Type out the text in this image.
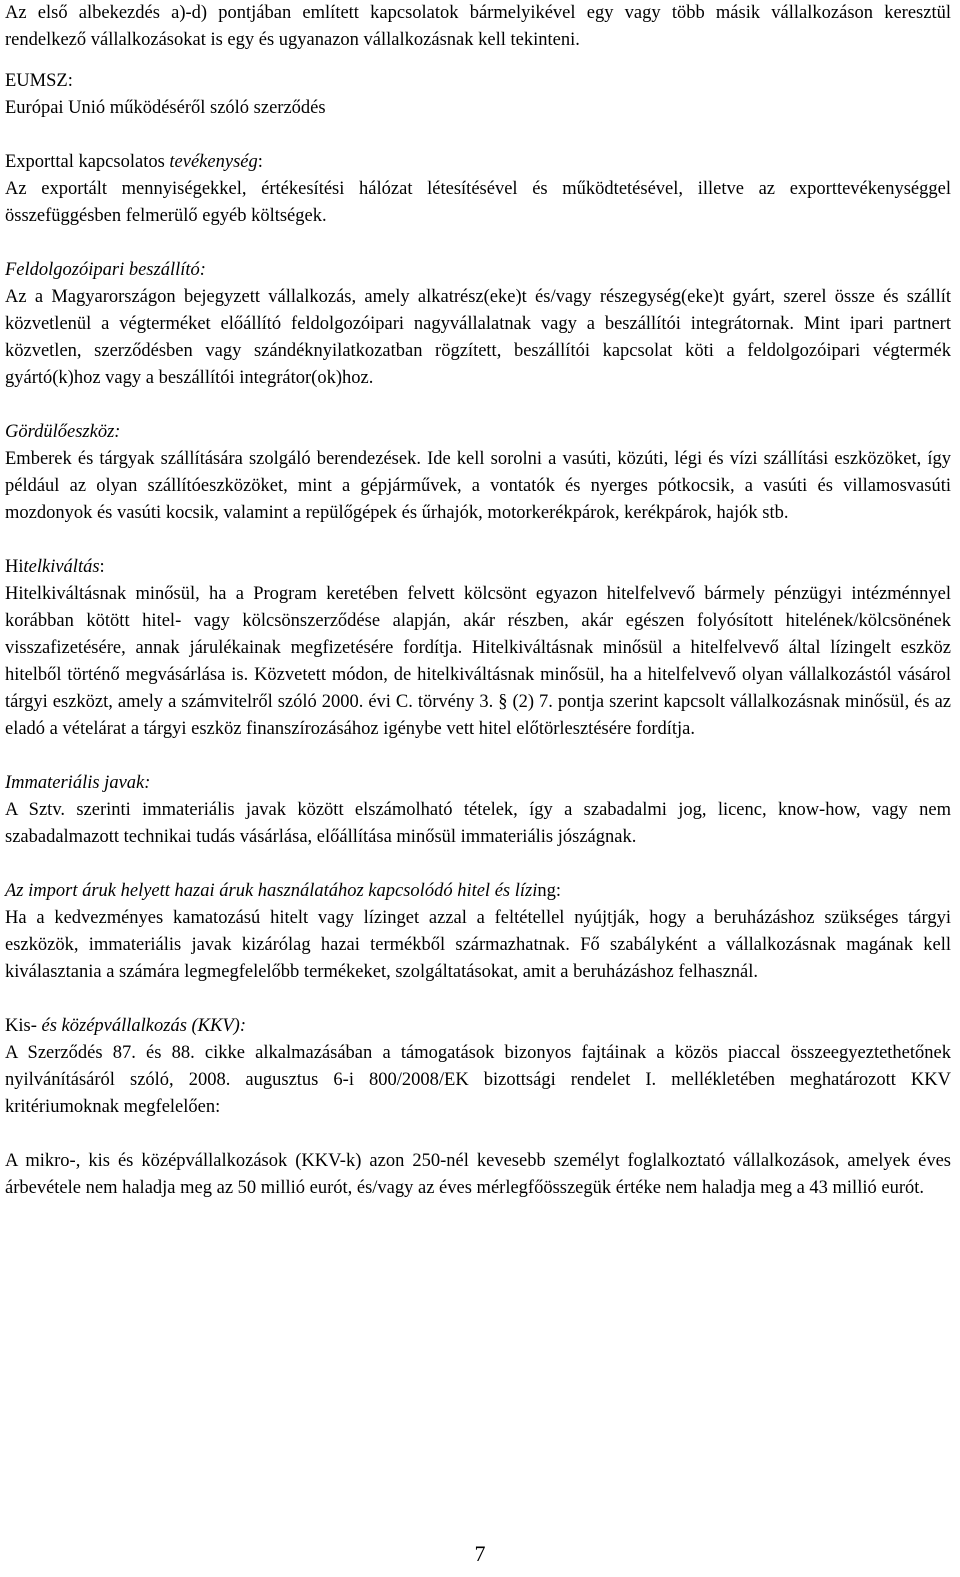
Az első albekezdés a)-d) pontjában említett kapcsolatok bármelyikével egy vagy több másik vállalkozáson keresztül rendelkező vállalkozásokat is egy és ugyanazon vállalkozásnak kell tekinteni.
EUMSZ:
Európai Unió működéséről szóló szerződés
Exporttal kapcsolatos tevékenység:
Az exportált mennyiségekkel, értékesítési hálózat létesítésével és működtetésével, illetve az exporttevékenységgel összefüggésben felmerülő egyéb költségek.
Feldolgozóipari beszállító:
Az a Magyarországon bejegyzett vállalkozás, amely alkatrész(eke)t és/vagy részegység(eke)t gyárt, szerel össze és szállít közvetlenül a végterméket előállító feldolgozóipari nagyvállalatnak vagy a beszállítói integrátornak. Mint ipari partnert közvetlen, szerződésben vagy szándéknyilatkozatban rögzített, beszállítói kapcsolat köti a feldolgozóipari végtermék gyártó(k)hoz vagy a beszállítói integrátor(ok)hoz.
Gördülőeszköz:
Emberek és tárgyak szállítására szolgáló berendezések. Ide kell sorolni a vasúti, közúti, légi és vízi szállítási eszközöket, így például az olyan szállítóeszközöket, mint a gépjárművek, a vontatók és nyerges pótkocsik, a vasúti és villamosvasúti mozdonyok és vasúti kocsik, valamint a repülőgépek és űrhajók, motorkerékpárok, kerékpárok, hajók stb.
Hitelkiváltás:
Hitelkiváltásnak minősül, ha a Program keretében felvett kölcsönt egyazon hitelfelvevő bármely pénzügyi intézménnyel korábban kötött hitel- vagy kölcsönszerződése alapján, akár részben, akár egészen folyósított hitelének/kölcsönének visszafizetésére, annak járulékainak megfizetésére fordítja. Hitelkiváltásnak minősül a hitelfelvevő által lízingelt eszköz hitelből történő megvásárlása is. Közvetett módon, de hitelkiváltásnak minősül, ha a hitelfelvevő olyan vállalkozástól vásárol tárgyi eszközt, amely a számvitelről szóló 2000. évi C. törvény 3. § (2) 7. pontja szerint kapcsolt vállalkozásnak minősül, és az eladó a vételárat a tárgyi eszköz finanszírozásához igénybe vett hitel előtörlesztésére fordítja.
Immateriális javak:
A Sztv. szerinti immateriális javak között elszámolható tételek, így a szabadalmi jog, licenc, know-how, vagy nem szabadalmazott technikai tudás vásárlása, előállítása minősül immateriális jószágnak.
Az import áruk helyett hazai áruk használatához kapcsolódó hitel és lízing:
Ha a kedvezményes kamatozású hitelt vagy lízinget azzal a feltétellel nyújtják, hogy a beruházáshoz szükséges tárgyi eszközök, immateriális javak kizárólag hazai termékből származhatnak. Fő szabályként a vállalkozásnak magának kell kiválasztania a számára legmegfelelőbb termékeket, szolgáltatásokat, amit a beruházáshoz felhasznál.
Kis- és középvállalkozás (KKV):
A Szerződés 87. és 88. cikke alkalmazásában a támogatások bizonyos fajtáinak a közös piaccal összeegyeztethetőnek nyilvánításáról szóló, 2008. augusztus 6-i 800/2008/EK bizottsági rendelet I. mellékletében meghatározott KKV kritériumoknak megfelelően:
A mikro-, kis és középvállalkozások (KKV-k) azon 250-nél kevesebb személyt foglalkoztató vállalkozások, amelyek éves árbevétele nem haladja meg az 50 millió eurót, és/vagy az éves mérlegfőösszegük értéke nem haladja meg a 43 millió eurót.
7
